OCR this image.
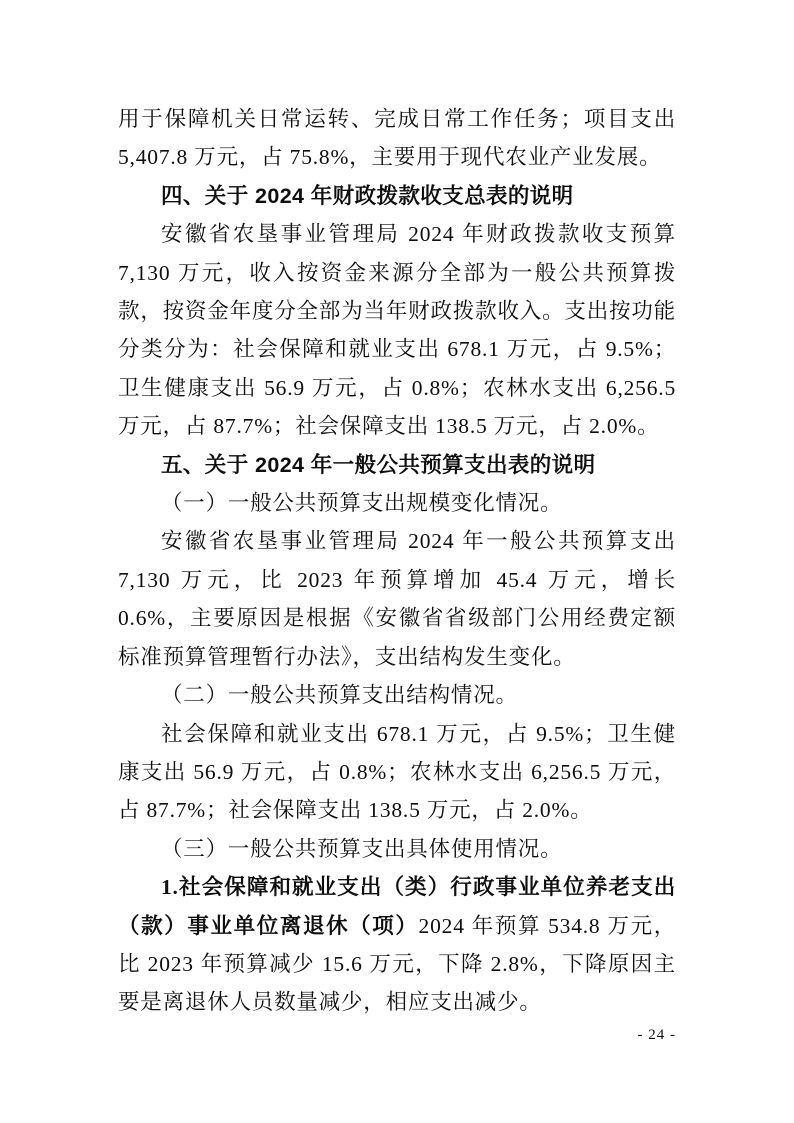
用于保障机关日常运转、完成日常工作任务；项目支出 5,407.8 万元，占 75.8%，主要用于现代农业产业发展。

四、关于 2024 年财政拨款收支总表的说明

安徽省农垦事业管理局 2024 年财政拨款收支预算 7,130 万元，收入按资金来源分全部为一般公共预算拨款，按资金年度分全部为当年财政拨款收入。支出按功能分类分为：社会保障和就业支出 678.1 万元，占 9.5%；卫生健康支出 56.9 万元，占 0.8%；农林水支出 6,256.5 万元，占 87.7%；社会保障支出 138.5 万元，占 2.0%。

五、关于 2024 年一般公共预算支出表的说明

（一）一般公共预算支出规模变化情况。

安徽省农垦事业管理局 2024 年一般公共预算支出 7,130 万元，比 2023 年预算增加 45.4 万元，增长 0.6%，主要原因是根据《安徽省省级部门公用经费定额标准预算管理暂行办法》，支出结构发生变化。

（二）一般公共预算支出结构情况。

社会保障和就业支出 678.1 万元，占 9.5%；卫生健康支出 56.9 万元，占 0.8%；农林水支出 6,256.5 万元，占 87.7%；社会保障支出 138.5 万元，占 2.0%。

（三）一般公共预算支出具体使用情况。

1.社会保障和就业支出（类）行政事业单位养老支出（款）事业单位离退休（项）2024 年预算 534.8 万元，比 2023 年预算减少 15.6 万元，下降 2.8%，下降原因主要是离退休人员数量减少，相应支出减少。

- 24 -
